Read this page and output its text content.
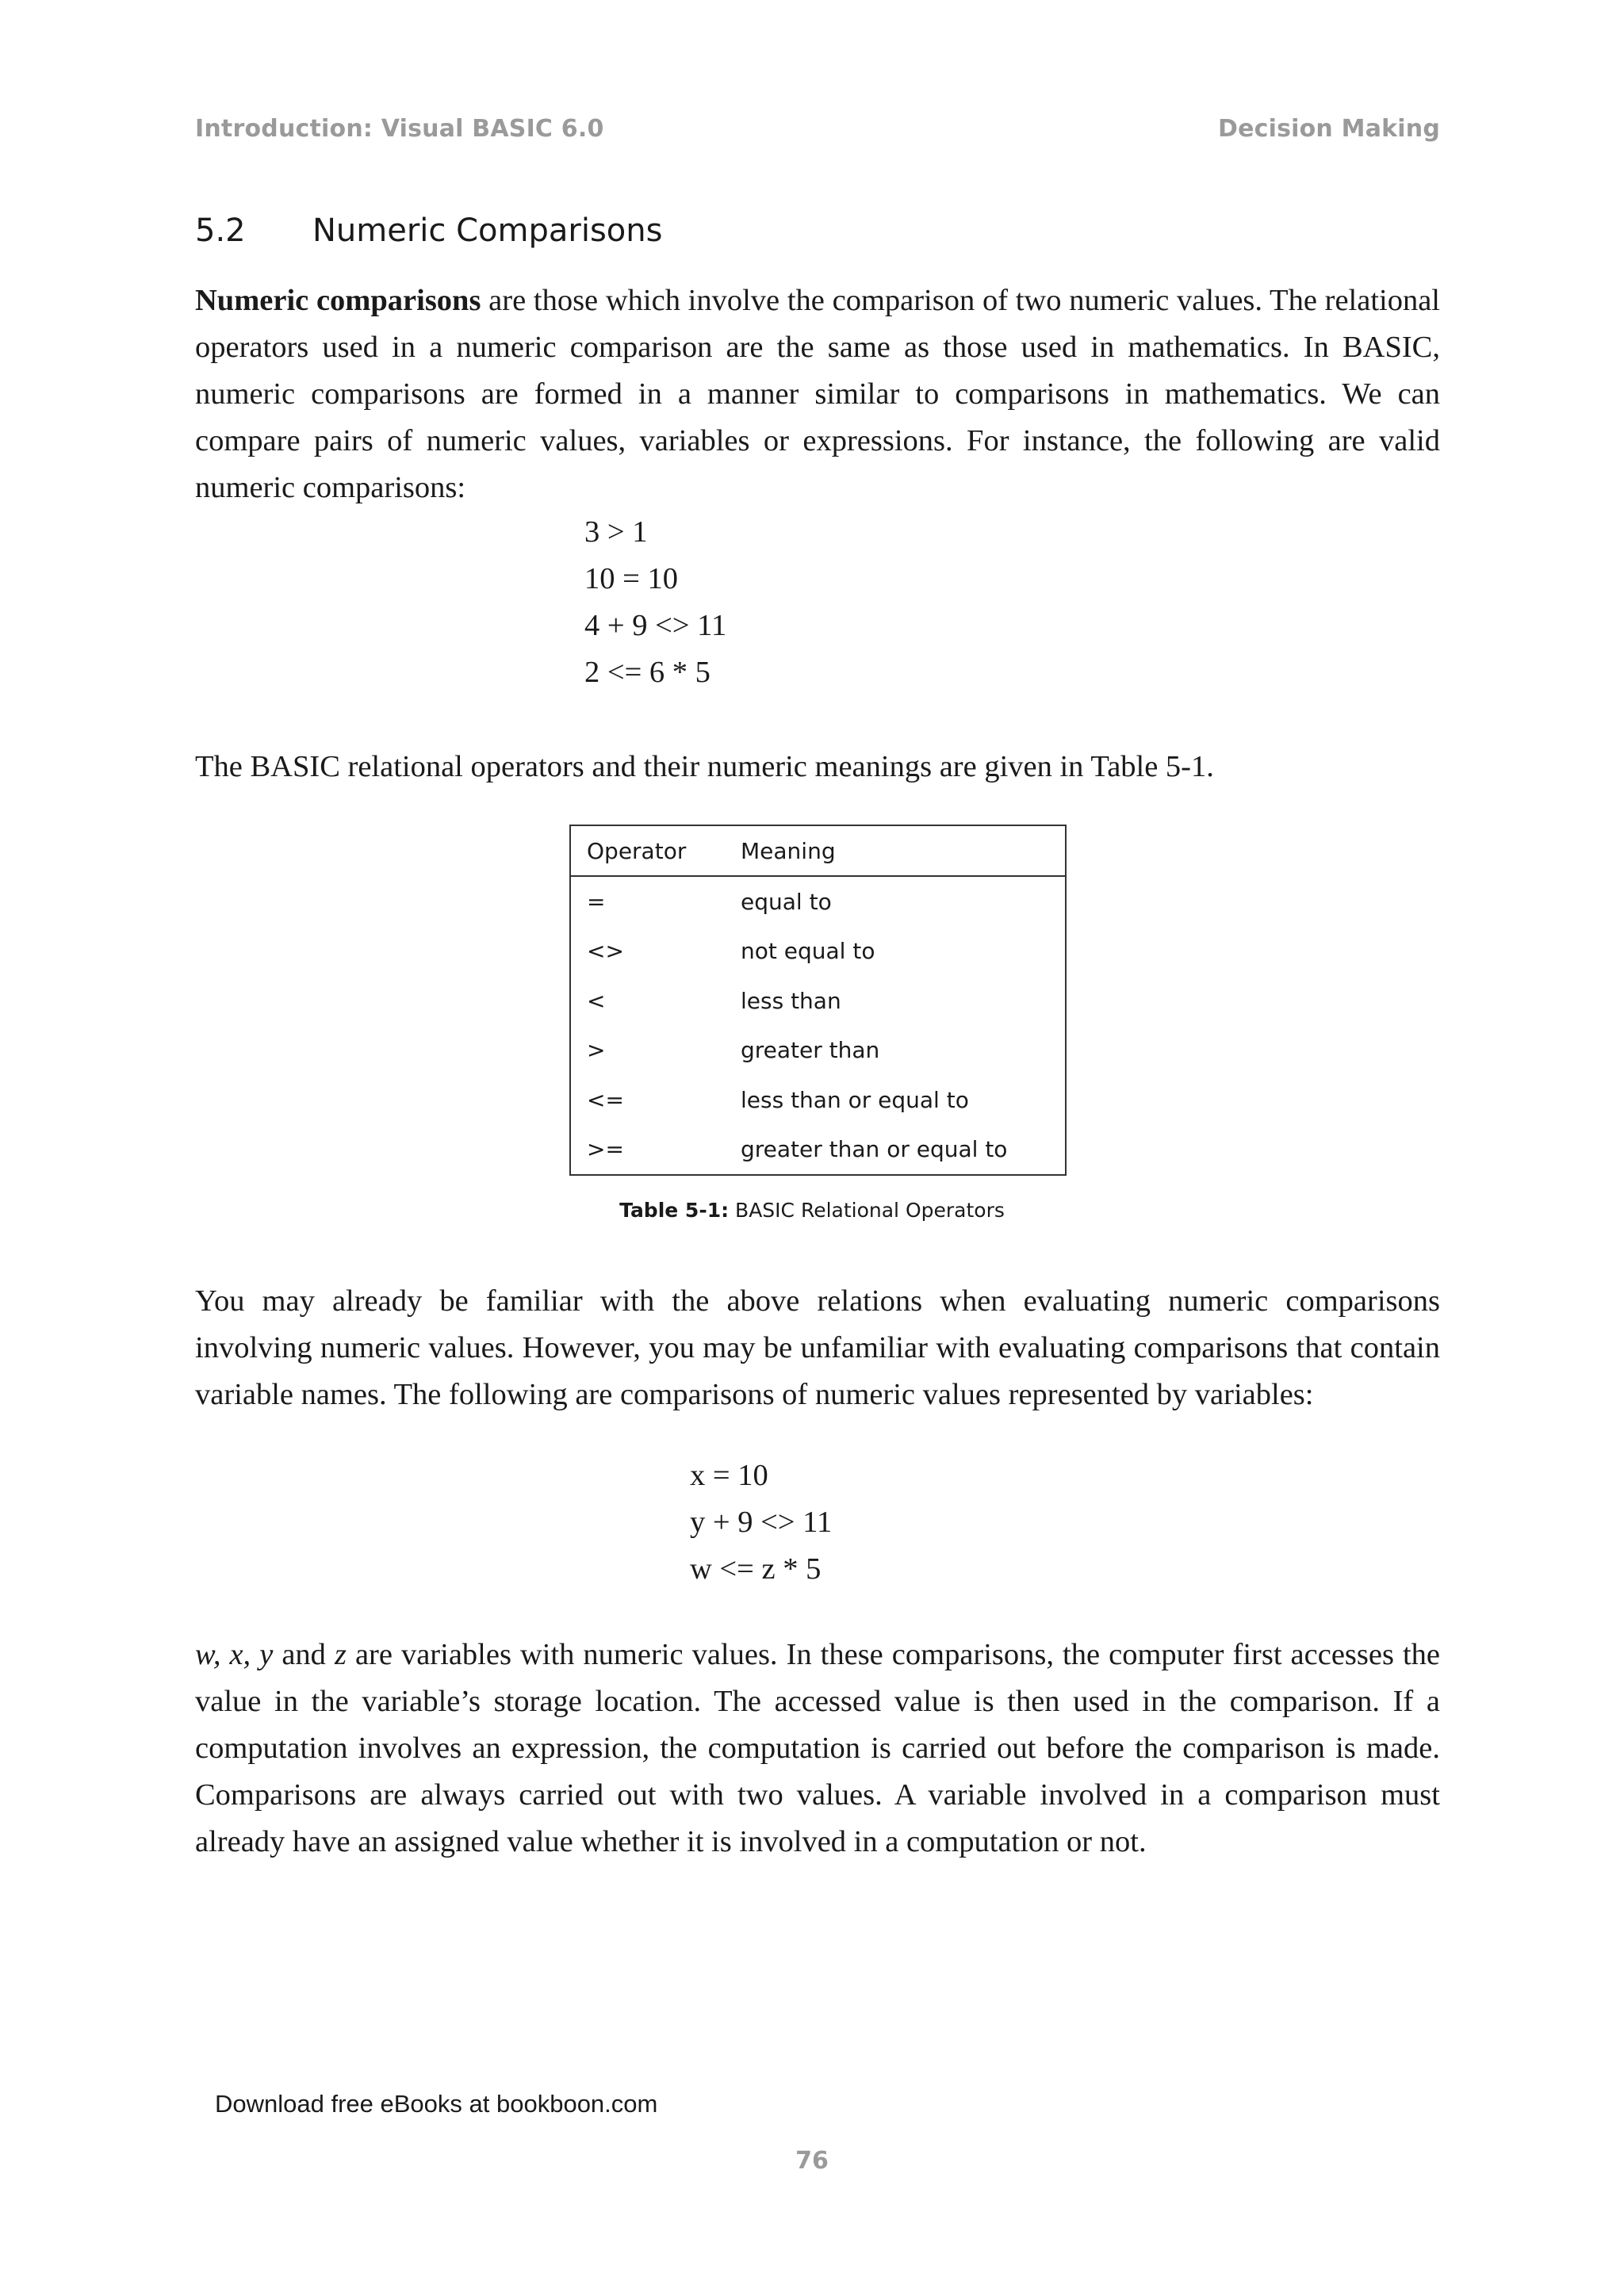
Introduction: Visual BASIC 6.0	Decision Making
5.2 Numeric Comparisons

Numeric comparisons are those which involve the comparison of two numeric values. The relational operators used in a numeric comparison are the same as those used in mathematics. In BASIC, numeric comparisons are formed in a manner similar to comparisons in mathematics. We can compare pairs of numeric values, variables or expressions. For instance, the following are valid numeric comparisons:

3 > 1
10 = 10
4 + 9 <> 11
2 <= 6 * 5

The BASIC relational operators and their numeric meanings are given in Table 5-1.

Operator	Meaning
=	equal to
<>	not equal to
<	less than
>	greater than
<=	less than or equal to
>=	greater than or equal to
Table 5-1: BASIC Relational Operators

You may already be familiar with the above relations when evaluating numeric comparisons involving numeric values. However, you may be unfamiliar with evaluating comparisons that contain variable names. The following are comparisons of numeric values represented by variables:

x = 10
y + 9 <> 11
w <= z * 5

w, x, y and z are variables with numeric values. In these comparisons, the computer first accesses the value in the variable’s storage location. The accessed value is then used in the comparison. If a computation involves an expression, the computation is carried out before the comparison is made. Comparisons are always carried out with two values. A variable involved in a comparison must already have an assigned value whether it is involved in a computation or not.

Download free eBooks at bookboon.com
76
